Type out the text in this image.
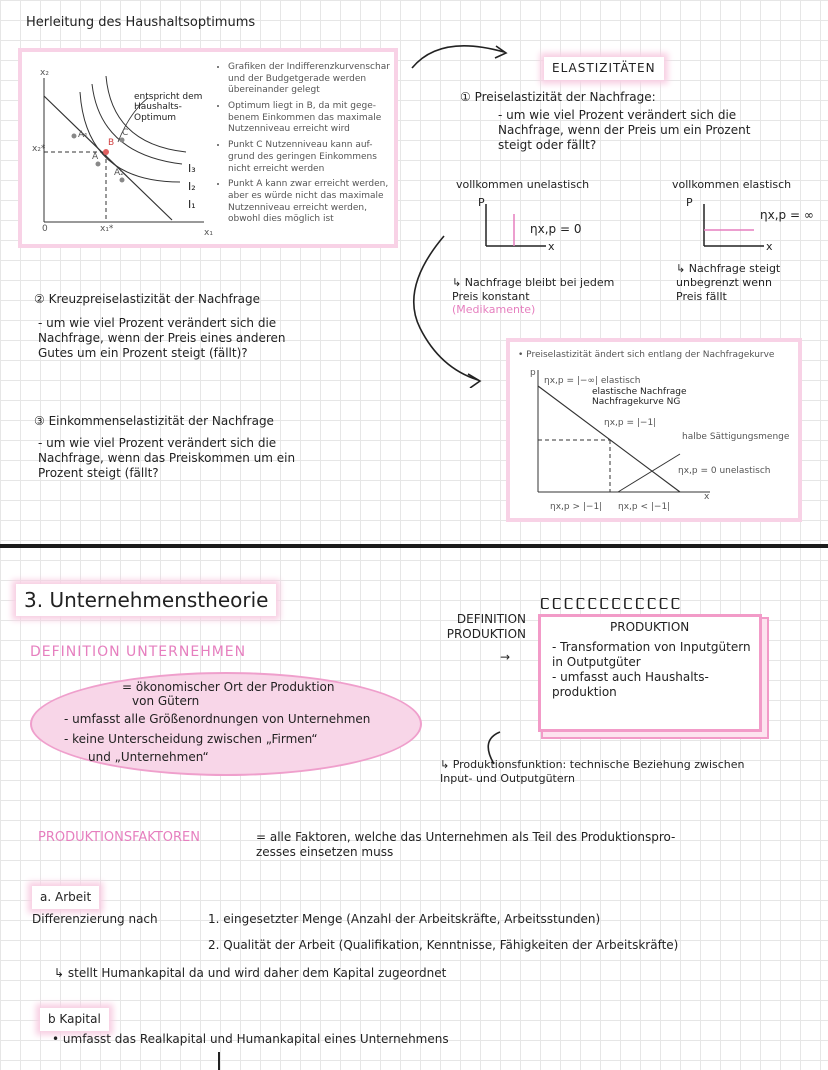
Herleitung des Haushaltsoptimums
x₂
x₂*
x₁*
0	x₁
A₁
A
A₂
B
C
I₃
I₂
I₁
entspricht dem
Haushalts-
Optimum
• Grafiken der Indifferenzkurvenschar und der Budgetgerade werden übereinander gelegt
• Optimum liegt in B, da mit gege-benem Einkommen das maximale Nutzenniveau erreicht wird
• Punkt C Nutzenniveau kann auf-grund des geringen Einkommens nicht erreicht werden
• Punkt A kann zwar erreicht werden, aber es würde nicht das maximale Nutzenniveau erreicht werden, obwohl dies möglich ist
② Kreuzpreiselastizität der Nachfrage
- um wie viel Prozent verändert sich die
Nachfrage, wenn der Preis eines anderen
Gutes um ein Prozent steigt (fällt)?
③ Einkommenselastizität der Nachfrage
- um wie viel Prozent verändert sich die
Nachfrage, wenn das Preiskommen um ein
Prozent steigt (fällt?
ELASTIZITÄTEN
① Preiselastizität der Nachfrage:
- um wie viel Prozent verändert sich die
Nachfrage, wenn der Preis um ein Prozent
steigt oder fällt?
vollkommen unelastisch
P
x
ηx,p = 0

↳ Nachfrage bleibt bei jedem
Preis konstant
(Medikamente)

vollkommen elastisch
P
x
ηx,p = ∞
↳ Nachfrage steigt
unbegrenzt wenn
Preis fällt
• Preiselastizität ändert sich entlang der Nachfragekurve
p
x
ηx,p = |−∞| elastisch
elastische Nachfrage
Nachfragekurve NG
ηx,p = |−1|
halbe Sättigungsmenge
ηx,p = 0 unelastisch
ηx,p > |−1| ηx,p < |−1|
3. Unternehmenstheorie
DEFINITION UNTERNEHMEN
= ökonomischer Ort der Produktion
von Gütern
- umfasst alle Größenordnungen von Unternehmen
- keine Unterscheidung zwischen „Firmen“
und „Unternehmen“
DEFINITION
PRODUKTION
→
ᥴᥴᥴᥴᥴᥴᥴᥴᥴᥴᥴᥴ
PRODUKTION
- Transformation von Inputgütern
in Outputgüter
- umfasst auch Haushalts-
produktion
↳ Produktionsfunktion: technische Beziehung zwischen
Input- und Outputgütern
PRODUKTIONSFAKTOREN	= alle Faktoren, welche das Unternehmen als Teil des Produktionspro-
zesses einsetzen muss
a. Arbeit
Differenzierung nach	1. eingesetzter Menge (Anzahl der Arbeitskräfte, Arbeitsstunden)
2. Qualität der Arbeit (Qualifikation, Kenntnisse, Fähigkeiten der Arbeitskräfte)
↳ stellt Humankapital da und wird daher dem Kapital zugeordnet
b Kapital
• umfasst das Realkapital und Humankapital eines Unternehmens
